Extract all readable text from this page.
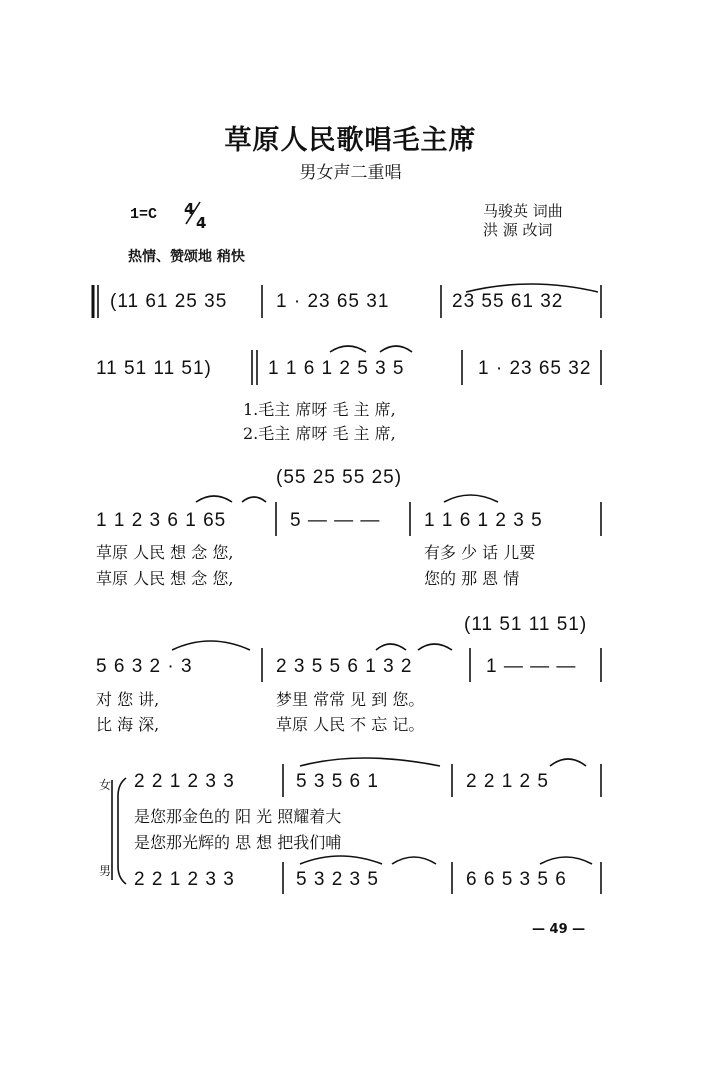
草原人民歌唱毛主席
男女声二重唱
1=C 4
4
马骏英 词曲
洪 源 改词
热情、赞颂地 稍快
(11 61 25 35	1 · 23 65 31	23 55 61 32
11 51 11 51)	1 1 6 1 2 5 3 5	1 · 23 65 32
1.毛主 席呀 毛 主 席,
2.毛主 席呀 毛 主 席,
(55 25 55 25)
1 1 2 3 6 1 65	5 — — — 1 1 6 1 2 3 5
草原 人民 想 念 您,	有多 少 话 儿要
草原 人民 想 念 您,	您的 那 恩 情
(11 51 11 51)
5 6 3 2 · 3	2 3 5 5 6 1 3 2	1 — — —
对 您 讲,	梦里 常常 见 到 您。
比 海 深,	草原 人民 不 忘 记。
女 2 2 1 2 3 3	5 3 5 6 1	2 2 1 2 5
是您那金色的 阳 光 照耀着大
是您那光辉的 思 想 把我们哺
男 2 2 1 2 3 3	5 3 2 3 5	6 6 5 3 5 6
— 49 —
